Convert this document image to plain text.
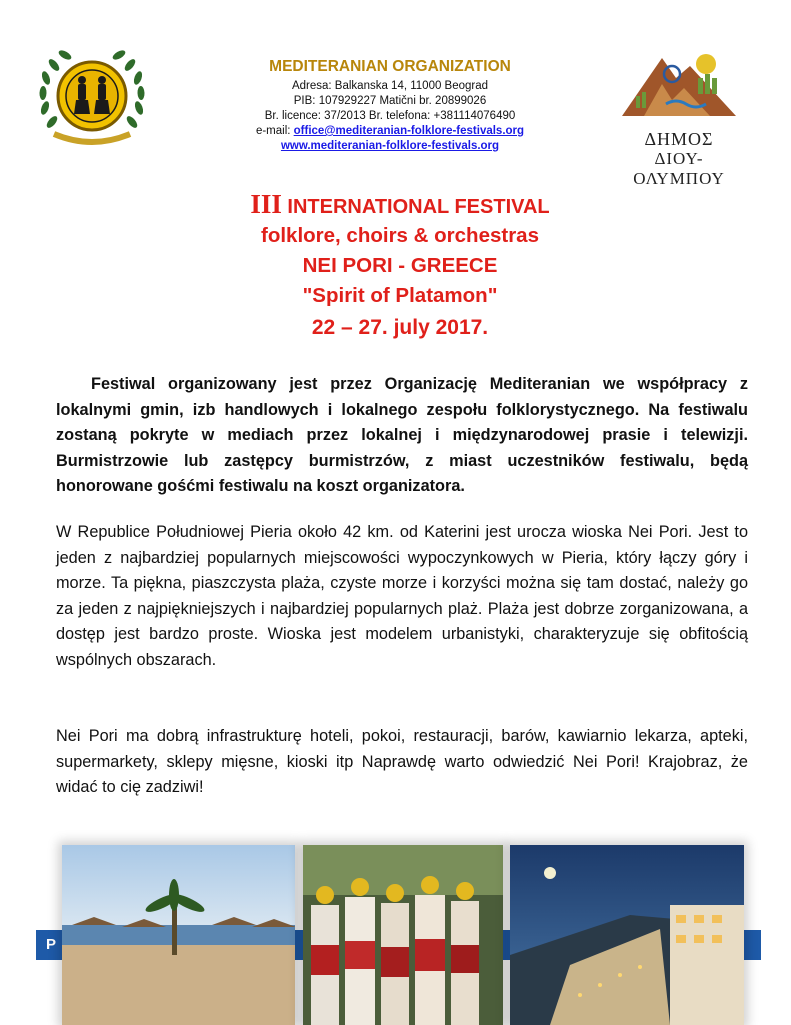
MEDITERANIAN ORGANIZATION
Adresa: Balkanska 14, 11000 Beograd
PIB: 107929227 Matični br. 20899026
Br. licence: 37/2013 Br. telefona: +381114076490
e-mail: office@mediteranian-folklore-festivals.org
www.mediteranian-folklore-festivals.org	ΔΗΜΟΣ
ΔΙΟΥ-ΟΛΥΜΠΟΥ
III INTERNATIONAL FESTIVAL
folklore, choirs & orchestras
NEI PORI - GREECE
"Spirit of Platamon"
22 – 27. july 2017.
Festiwal organizowany jest przez Organizację Mediteranian we współpracy z lokalnymi gmin, izb handlowych i lokalnego zespołu folklorystycznego. Na festiwalu zostaną pokryte w mediach przez lokalnej i międzynarodowej prasie i telewizji. Burmistrzowie lub zastępcy burmistrzów, z miast uczestników festiwalu, będą honorowane gośćmi festiwalu na koszt organizatora.
W Republice Południowej Pieria około 42 km. od Katerini jest urocza wioska Nei Pori. Jest to jeden z najbardziej popularnych miejscowości wypoczynkowych w Pieria, który łączy góry i morze. Ta piękna, piaszczysta plaża, czyste morze i korzyści można się tam dostać, należy go za jeden z najpiękniejszych i najbardziej popularnych plaż. Plaża jest dobrze zorganizowana, a dostęp jest bardzo proste. Wioska jest modelem urbanistyki, charakteryzuje się obfitością wspólnych obszarach.
Nei Pori ma dobrą infrastrukturę hoteli, pokoi, restauracji, barów, kawiarnio lekarza, apteki, supermarkety, sklepy mięsne, kioski itp Naprawdę warto odwiedzić Nei Pori! Krajobraz, że widać to cię zadziwi!
P
